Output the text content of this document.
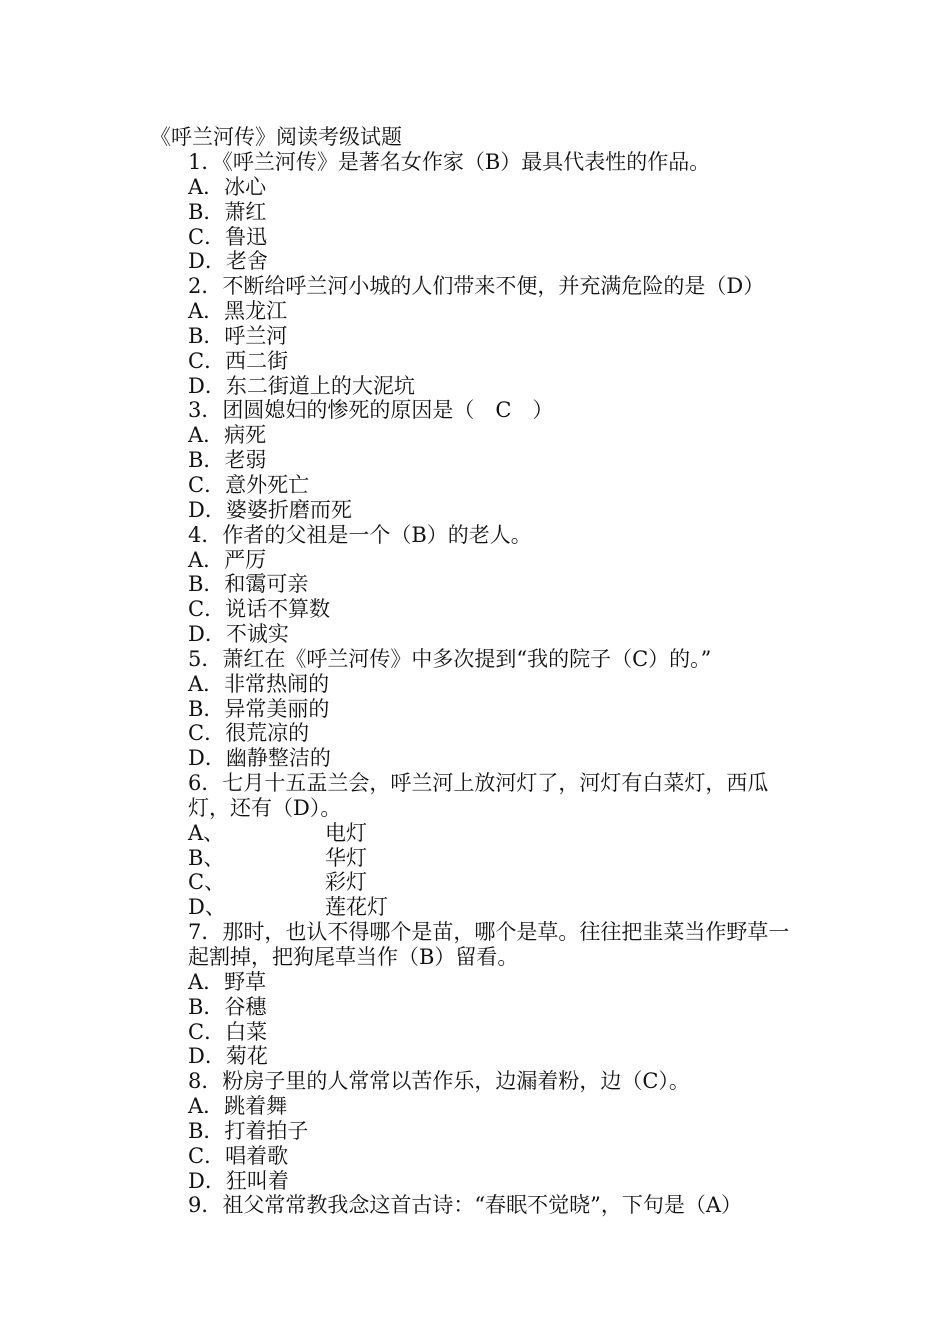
《呼兰河传》阅读考级试题
1．《呼兰河传》是著名女作家（B）最具代表性的作品。
A．冰心
B．萧红
C．鲁迅
D．老舍
2．不断给呼兰河小城的人们带来不便，并充满危险的是（D）
A．黑龙江
B．呼兰河
C．西二街
D．东二街道上的大泥坑
3．团圆媳妇的惨死的原因是（　C　）
A．病死
B．老弱
C．意外死亡
D．婆婆折磨而死
4．作者的父祖是一个（B）的老人。
A．严厉
B．和霭可亲
C．说话不算数
D．不诚实
5．萧红在《呼兰河传》中多次提到“我的院子（C）的。”
A．非常热闹的
B．异常美丽的
C．很荒凉的
D．幽静整洁的
6．七月十五盂兰会，呼兰河上放河灯了，河灯有白菜灯，西瓜
灯，还有（D）。
A、	电灯
B、	华灯
C、	彩灯
D、	莲花灯
7．那时，也认不得哪个是苗，哪个是草。往往把韭菜当作野草一
起割掉，把狗尾草当作（B）留看。
A．野草
B．谷穗
C．白菜
D．菊花
8．粉房子里的人常常以苦作乐，边漏着粉，边（C）。
A．跳着舞
B．打着拍子
C．唱着歌
D．狂叫着
9．祖父常常教我念这首古诗：“春眠不觉晓”，下句是（A）
